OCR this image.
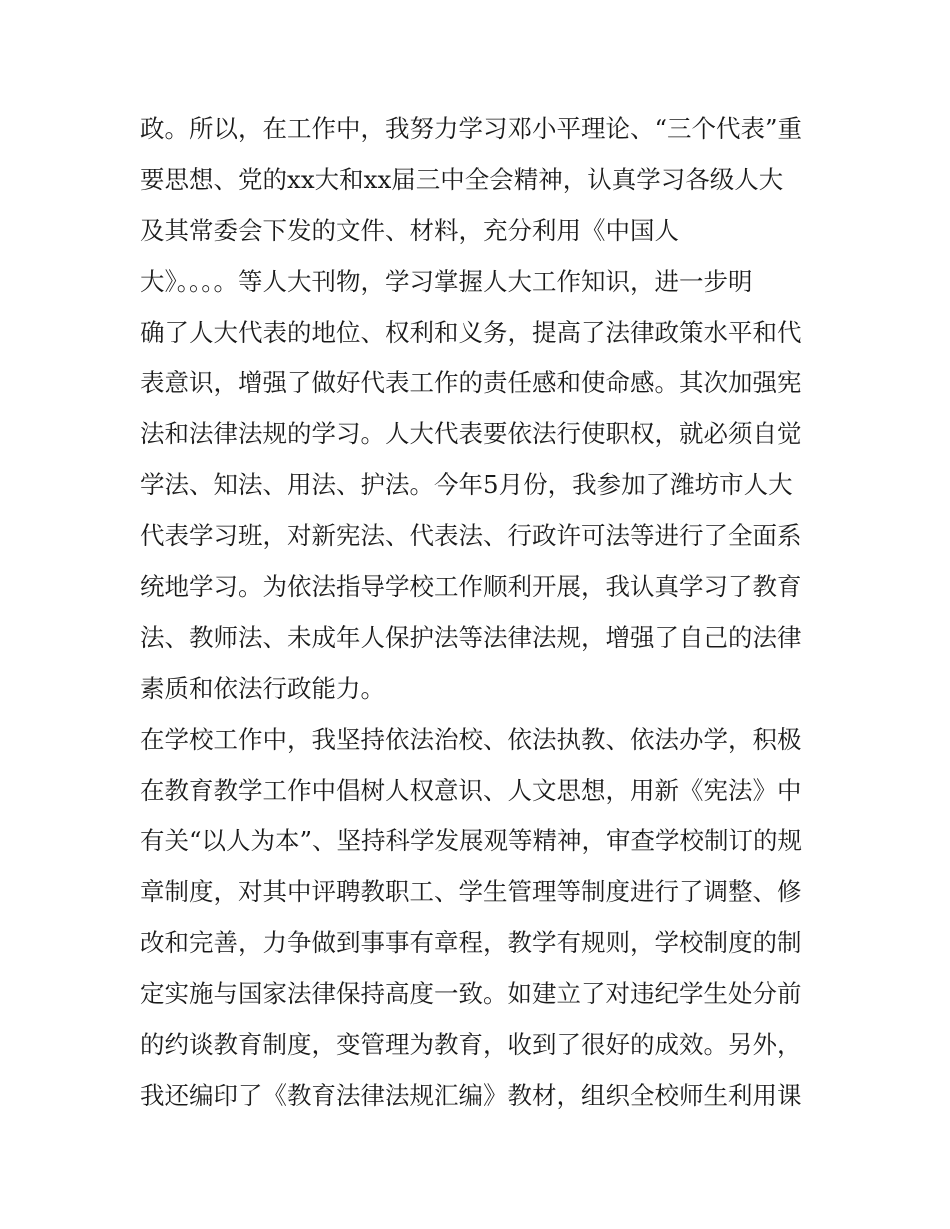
政。所以，在工作中，我努力学习邓小平理论、“三个代表”重
要思想、党的xx大和xx届三中全会精神，认真学习各级人大
及其常委会下发的文件、材料，充分利用《中国人
大》。。。。等人大刊物，学习掌握人大工作知识，进一步明
确了人大代表的地位、权利和义务，提高了法律政策水平和代
表意识，增强了做好代表工作的责任感和使命感。其次加强宪
法和法律法规的学习。人大代表要依法行使职权，就必须自觉
学法、知法、用法、护法。今年5月份，我参加了潍坊市人大
代表学习班，对新宪法、代表法、行政许可法等进行了全面系
统地学习。为依法指导学校工作顺利开展，我认真学习了教育
法、教师法、未成年人保护法等法律法规，增强了自己的法律
素质和依法行政能力。
在学校工作中，我坚持依法治校、依法执教、依法办学，积极
在教育教学工作中倡树人权意识、人文思想，用新《宪法》中
有关“以人为本”、坚持科学发展观等精神，审查学校制订的规
章制度，对其中评聘教职工、学生管理等制度进行了调整、修
改和完善，力争做到事事有章程，教学有规则，学校制度的制
定实施与国家法律保持高度一致。如建立了对违纪学生处分前
的约谈教育制度，变管理为教育，收到了很好的成效。另外，
我还编印了《教育法律法规汇编》教材，组织全校师生利用课
